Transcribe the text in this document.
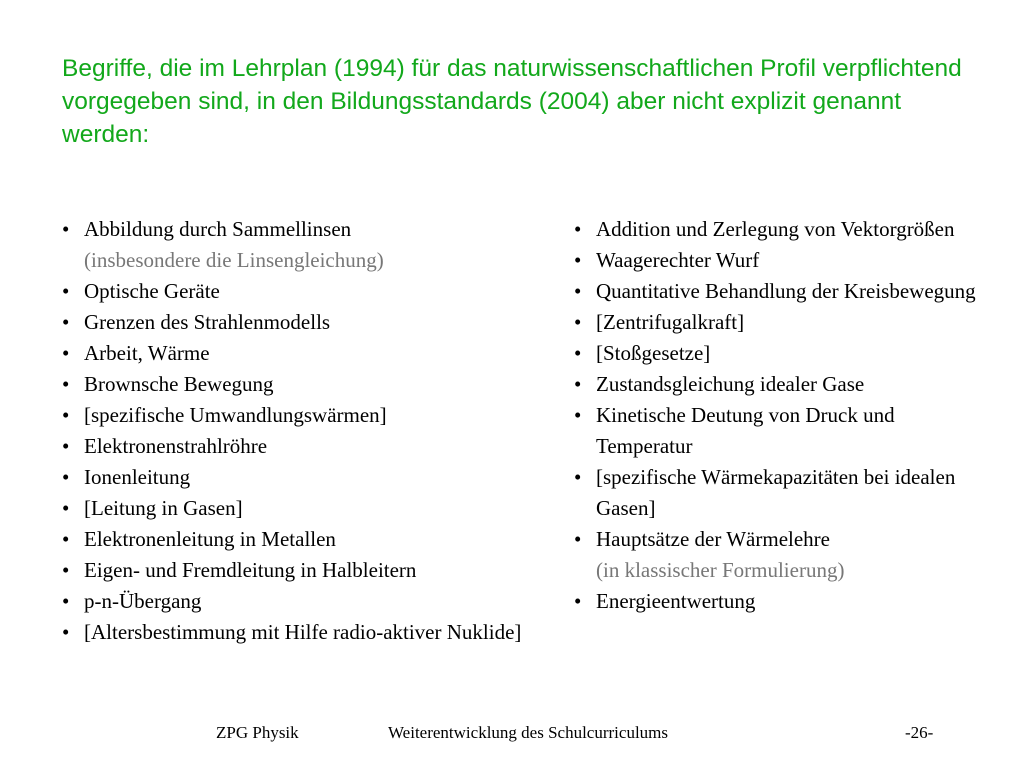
Begriffe, die im Lehrplan (1994) für das naturwissenschaftlichen Profil verpflichtend vorgegeben sind, in den Bildungsstandards (2004) aber nicht explizit genannt werden:
• Abbildung durch Sammellinsen
(insbesondere die Linsengleichung)
• Optische Geräte
• Grenzen des Strahlenmodells
• Arbeit, Wärme
• Brownsche Bewegung
• [spezifische Umwandlungswärmen]
• Elektronenstrahlröhre
• Ionenleitung
• [Leitung in Gasen]
• Elektronenleitung in Metallen
• Eigen- und Fremdleitung in Halbleitern
• p-n-Übergang
• [Altersbestimmung mit Hilfe radio-aktiver Nuklide]
• Addition und Zerlegung von Vektorgrößen
• Waagerechter Wurf
• Quantitative Behandlung der Kreisbewegung
• [Zentrifugalkraft]
• [Stoßgesetze]
• Zustandsgleichung idealer Gase
• Kinetische Deutung von Druck und Temperatur
• [spezifische Wärmekapazitäten bei idealen Gasen]
• Hauptsätze der Wärmelehre
(in klassischer Formulierung)
• Energieentwertung
ZPG Physik	Weiterentwicklung des Schulcurriculums	-26-
